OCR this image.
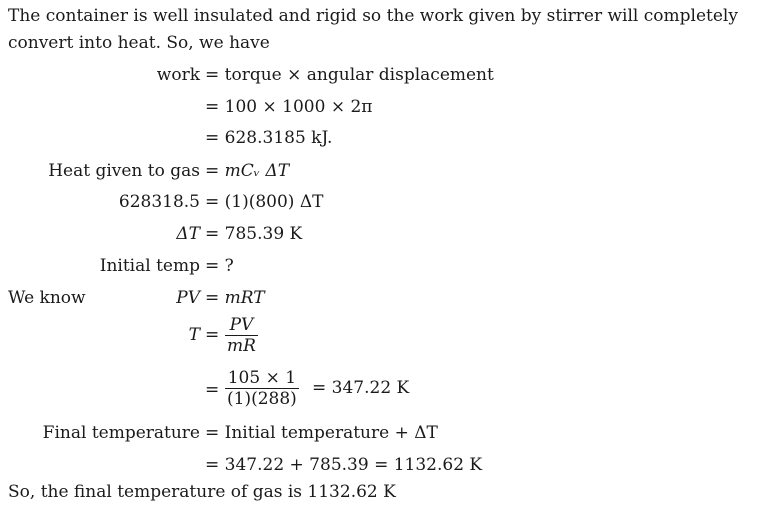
The container is well insulated and rigid so the work given by stirrer will completely
convert into heat. So, we have
work = torque × angular displacement
= 100 × 1000 × 2π
= 628.3185 kJ.
Heat given to gas = mCᵥ ΔT
628318.5 = (1)(800) ΔT
ΔT = 785.39 K
Initial temp = ?
We know	PV = mRT
$T = \frac{PV}{mR}$
= $\frac{105 \times 1}{(1)(288)} = 347.22$ K
Final temperature = Initial temperature + ΔT
= 347.22 + 785.39 = 1132.62 K
So, the final temperature of gas is 1132.62 K
